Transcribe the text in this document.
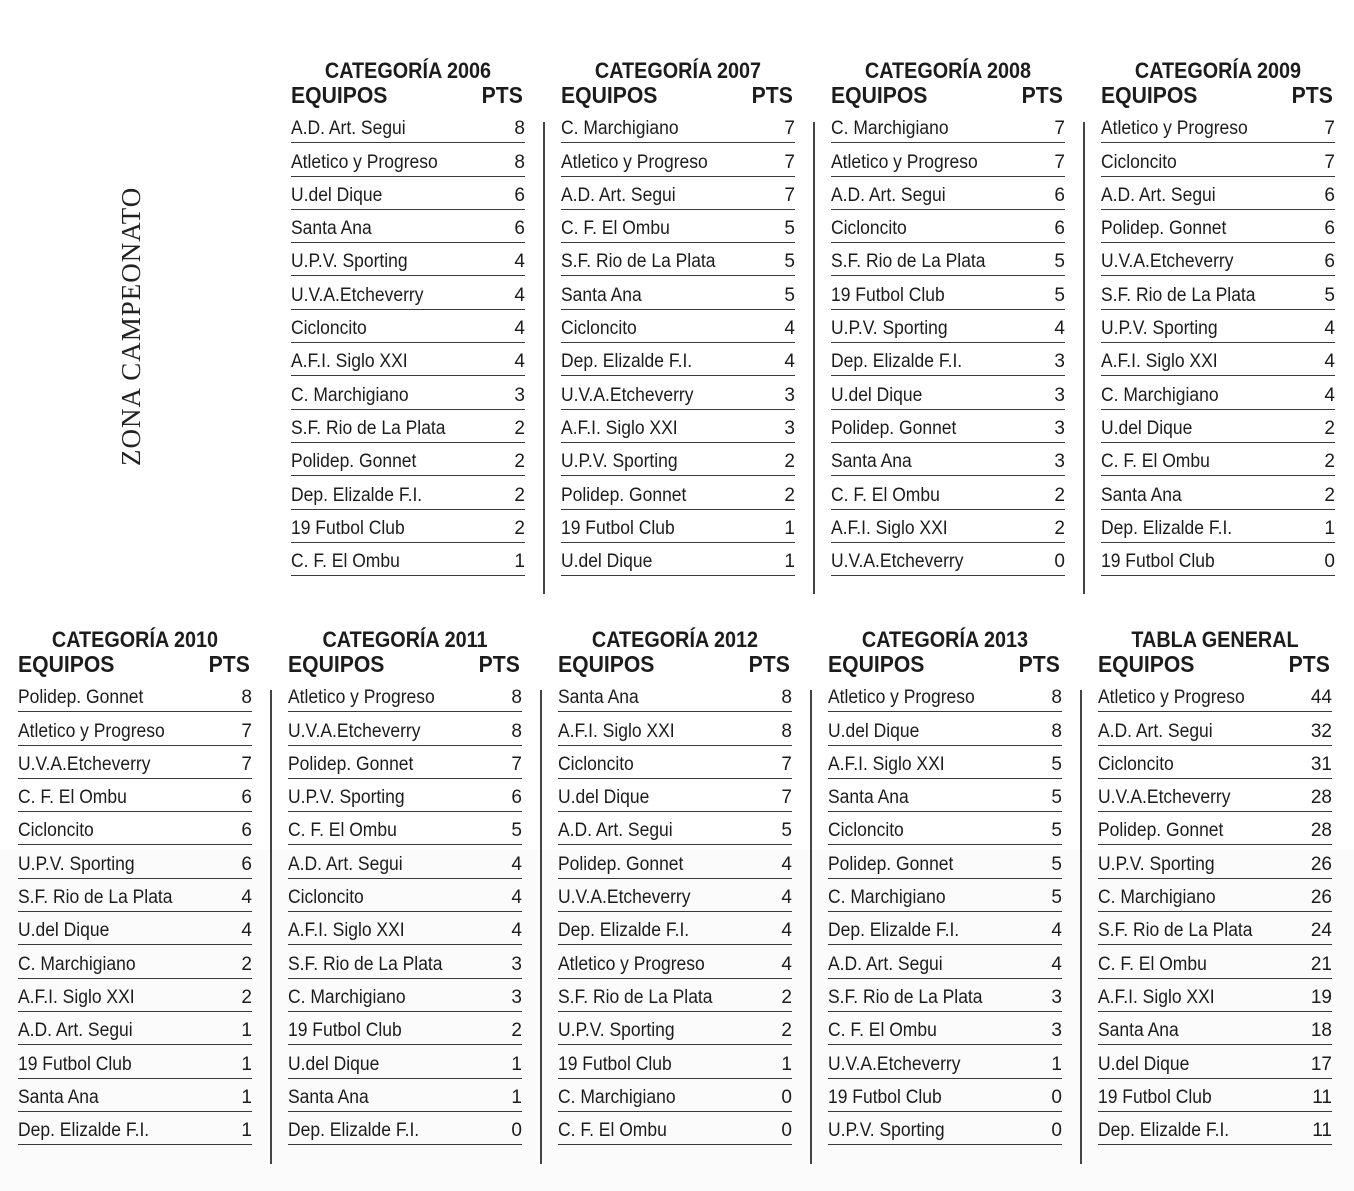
ZONA CAMPEONATO
CATEGORÍA 2006
EQUIPOS	PTS
A.D. Art. Segui	8
Atletico y Progreso	8
U.del Dique	6
Santa Ana	6
U.P.V. Sporting	4
U.V.A.Etcheverry	4
Cicloncito	4
A.F.I. Siglo XXI	4
C. Marchigiano	3
S.F. Rio de La Plata	2
Polidep. Gonnet	2
Dep. Elizalde F.I.	2
19 Futbol Club	2
C. F. El Ombu	1
CATEGORÍA 2007
EQUIPOS	PTS
C. Marchigiano	7
Atletico y Progreso	7
A.D. Art. Segui	7
C. F. El Ombu	5
S.F. Rio de La Plata	5
Santa Ana	5
Cicloncito	4
Dep. Elizalde F.I.	4
U.V.A.Etcheverry	3
A.F.I. Siglo XXI	3
U.P.V. Sporting	2
Polidep. Gonnet	2
19 Futbol Club	1
U.del Dique	1
CATEGORÍA 2008
EQUIPOS	PTS
C. Marchigiano	7
Atletico y Progreso	7
A.D. Art. Segui	6
Cicloncito	6
S.F. Rio de La Plata	5
19 Futbol Club	5
U.P.V. Sporting	4
Dep. Elizalde F.I.	3
U.del Dique	3
Polidep. Gonnet	3
Santa Ana	3
C. F. El Ombu	2
A.F.I. Siglo XXI	2
U.V.A.Etcheverry	0
CATEGORÍA 2009
EQUIPOS	PTS
Atletico y Progreso	7
Cicloncito	7
A.D. Art. Segui	6
Polidep. Gonnet	6
U.V.A.Etcheverry	6
S.F. Rio de La Plata	5
U.P.V. Sporting	4
A.F.I. Siglo XXI	4
C. Marchigiano	4
U.del Dique	2
C. F. El Ombu	2
Santa Ana	2
Dep. Elizalde F.I.	1
19 Futbol Club	0
CATEGORÍA 2010
EQUIPOS	PTS
Polidep. Gonnet	8
Atletico y Progreso	7
U.V.A.Etcheverry	7
C. F. El Ombu	6
Cicloncito	6
U.P.V. Sporting	6
S.F. Rio de La Plata	4
U.del Dique	4
C. Marchigiano	2
A.F.I. Siglo XXI	2
A.D. Art. Segui	1
19 Futbol Club	1
Santa Ana	1
Dep. Elizalde F.I.	1
CATEGORÍA 2011
EQUIPOS	PTS
Atletico y Progreso	8
U.V.A.Etcheverry	8
Polidep. Gonnet	7
U.P.V. Sporting	6
C. F. El Ombu	5
A.D. Art. Segui	4
Cicloncito	4
A.F.I. Siglo XXI	4
S.F. Rio de La Plata	3
C. Marchigiano	3
19 Futbol Club	2
U.del Dique	1
Santa Ana	1
Dep. Elizalde F.I.	0
CATEGORÍA 2012
EQUIPOS	PTS
Santa Ana	8
A.F.I. Siglo XXI	8
Cicloncito	7
U.del Dique	7
A.D. Art. Segui	5
Polidep. Gonnet	4
U.V.A.Etcheverry	4
Dep. Elizalde F.I.	4
Atletico y Progreso	4
S.F. Rio de La Plata	2
U.P.V. Sporting	2
19 Futbol Club	1
C. Marchigiano	0
C. F. El Ombu	0
CATEGORÍA 2013
EQUIPOS	PTS
Atletico y Progreso	8
U.del Dique	8
A.F.I. Siglo XXI	5
Santa Ana	5
Cicloncito	5
Polidep. Gonnet	5
C. Marchigiano	5
Dep. Elizalde F.I.	4
A.D. Art. Segui	4
S.F. Rio de La Plata	3
C. F. El Ombu	3
U.V.A.Etcheverry	1
19 Futbol Club	0
U.P.V. Sporting	0
TABLA GENERAL
EQUIPOS	PTS
Atletico y Progreso	44
A.D. Art. Segui	32
Cicloncito	31
U.V.A.Etcheverry	28
Polidep. Gonnet	28
U.P.V. Sporting	26
C. Marchigiano	26
S.F. Rio de La Plata	24
C. F. El Ombu	21
A.F.I. Siglo XXI	19
Santa Ana	18
U.del Dique	17
19 Futbol Club	11
Dep. Elizalde F.I.	11
